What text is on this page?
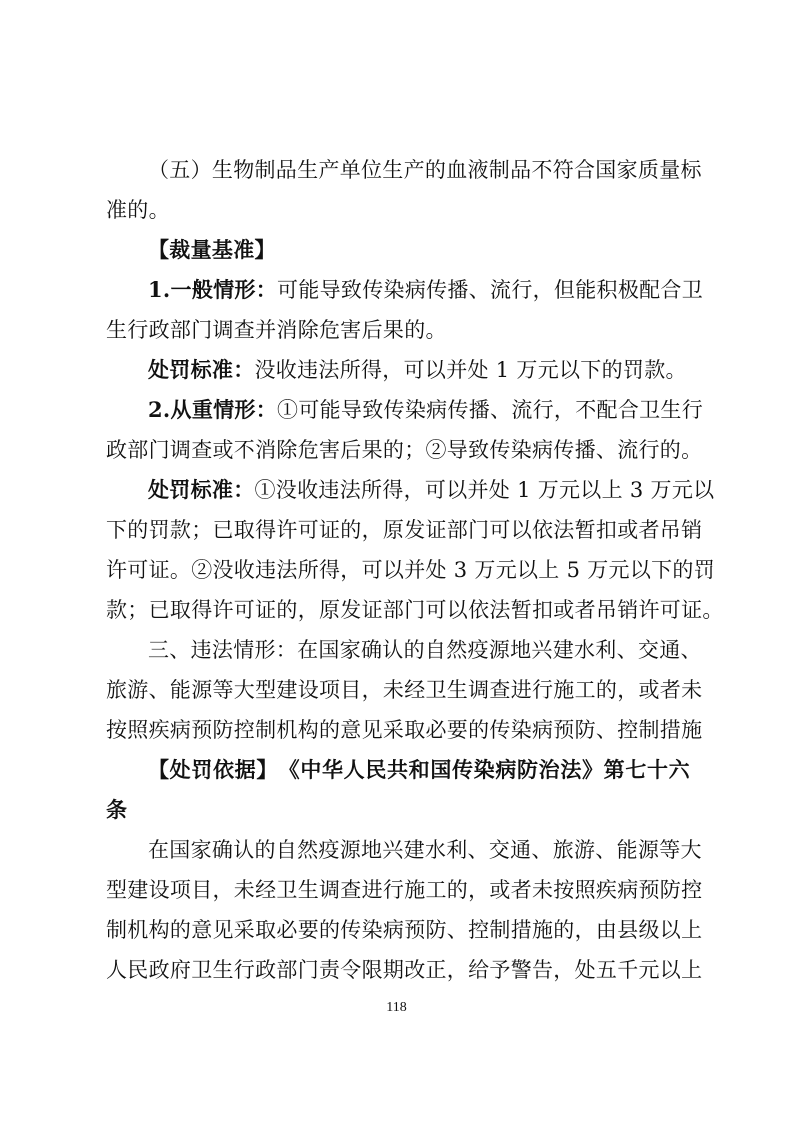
（五）生物制品生产单位生产的血液制品不符合国家质量标
准的。
【裁量基准】
1.一般情形：可能导致传染病传播、流行，但能积极配合卫
生行政部门调查并消除危害后果的。
处罚标准：没收违法所得，可以并处 1 万元以下的罚款。
2.从重情形：①可能导致传染病传播、流行，不配合卫生行
政部门调查或不消除危害后果的；②导致传染病传播、流行的。
处罚标准：①没收违法所得，可以并处 1 万元以上 3 万元以
下的罚款；已取得许可证的，原发证部门可以依法暂扣或者吊销
许可证。②没收违法所得，可以并处 3 万元以上 5 万元以下的罚
款；已取得许可证的，原发证部门可以依法暂扣或者吊销许可证。
三、违法情形：在国家确认的自然疫源地兴建水利、交通、
旅游、能源等大型建设项目，未经卫生调查进行施工的，或者未
按照疾病预防控制机构的意见采取必要的传染病预防、控制措施
【处罚依据】　《中华人民共和国传染病防治法》第七十六
条
在国家确认的自然疫源地兴建水利、交通、旅游、能源等大
型建设项目，未经卫生调查进行施工的，或者未按照疾病预防控
制机构的意见采取必要的传染病预防、控制措施的，由县级以上
人民政府卫生行政部门责令限期改正，给予警告，处五千元以上
118
